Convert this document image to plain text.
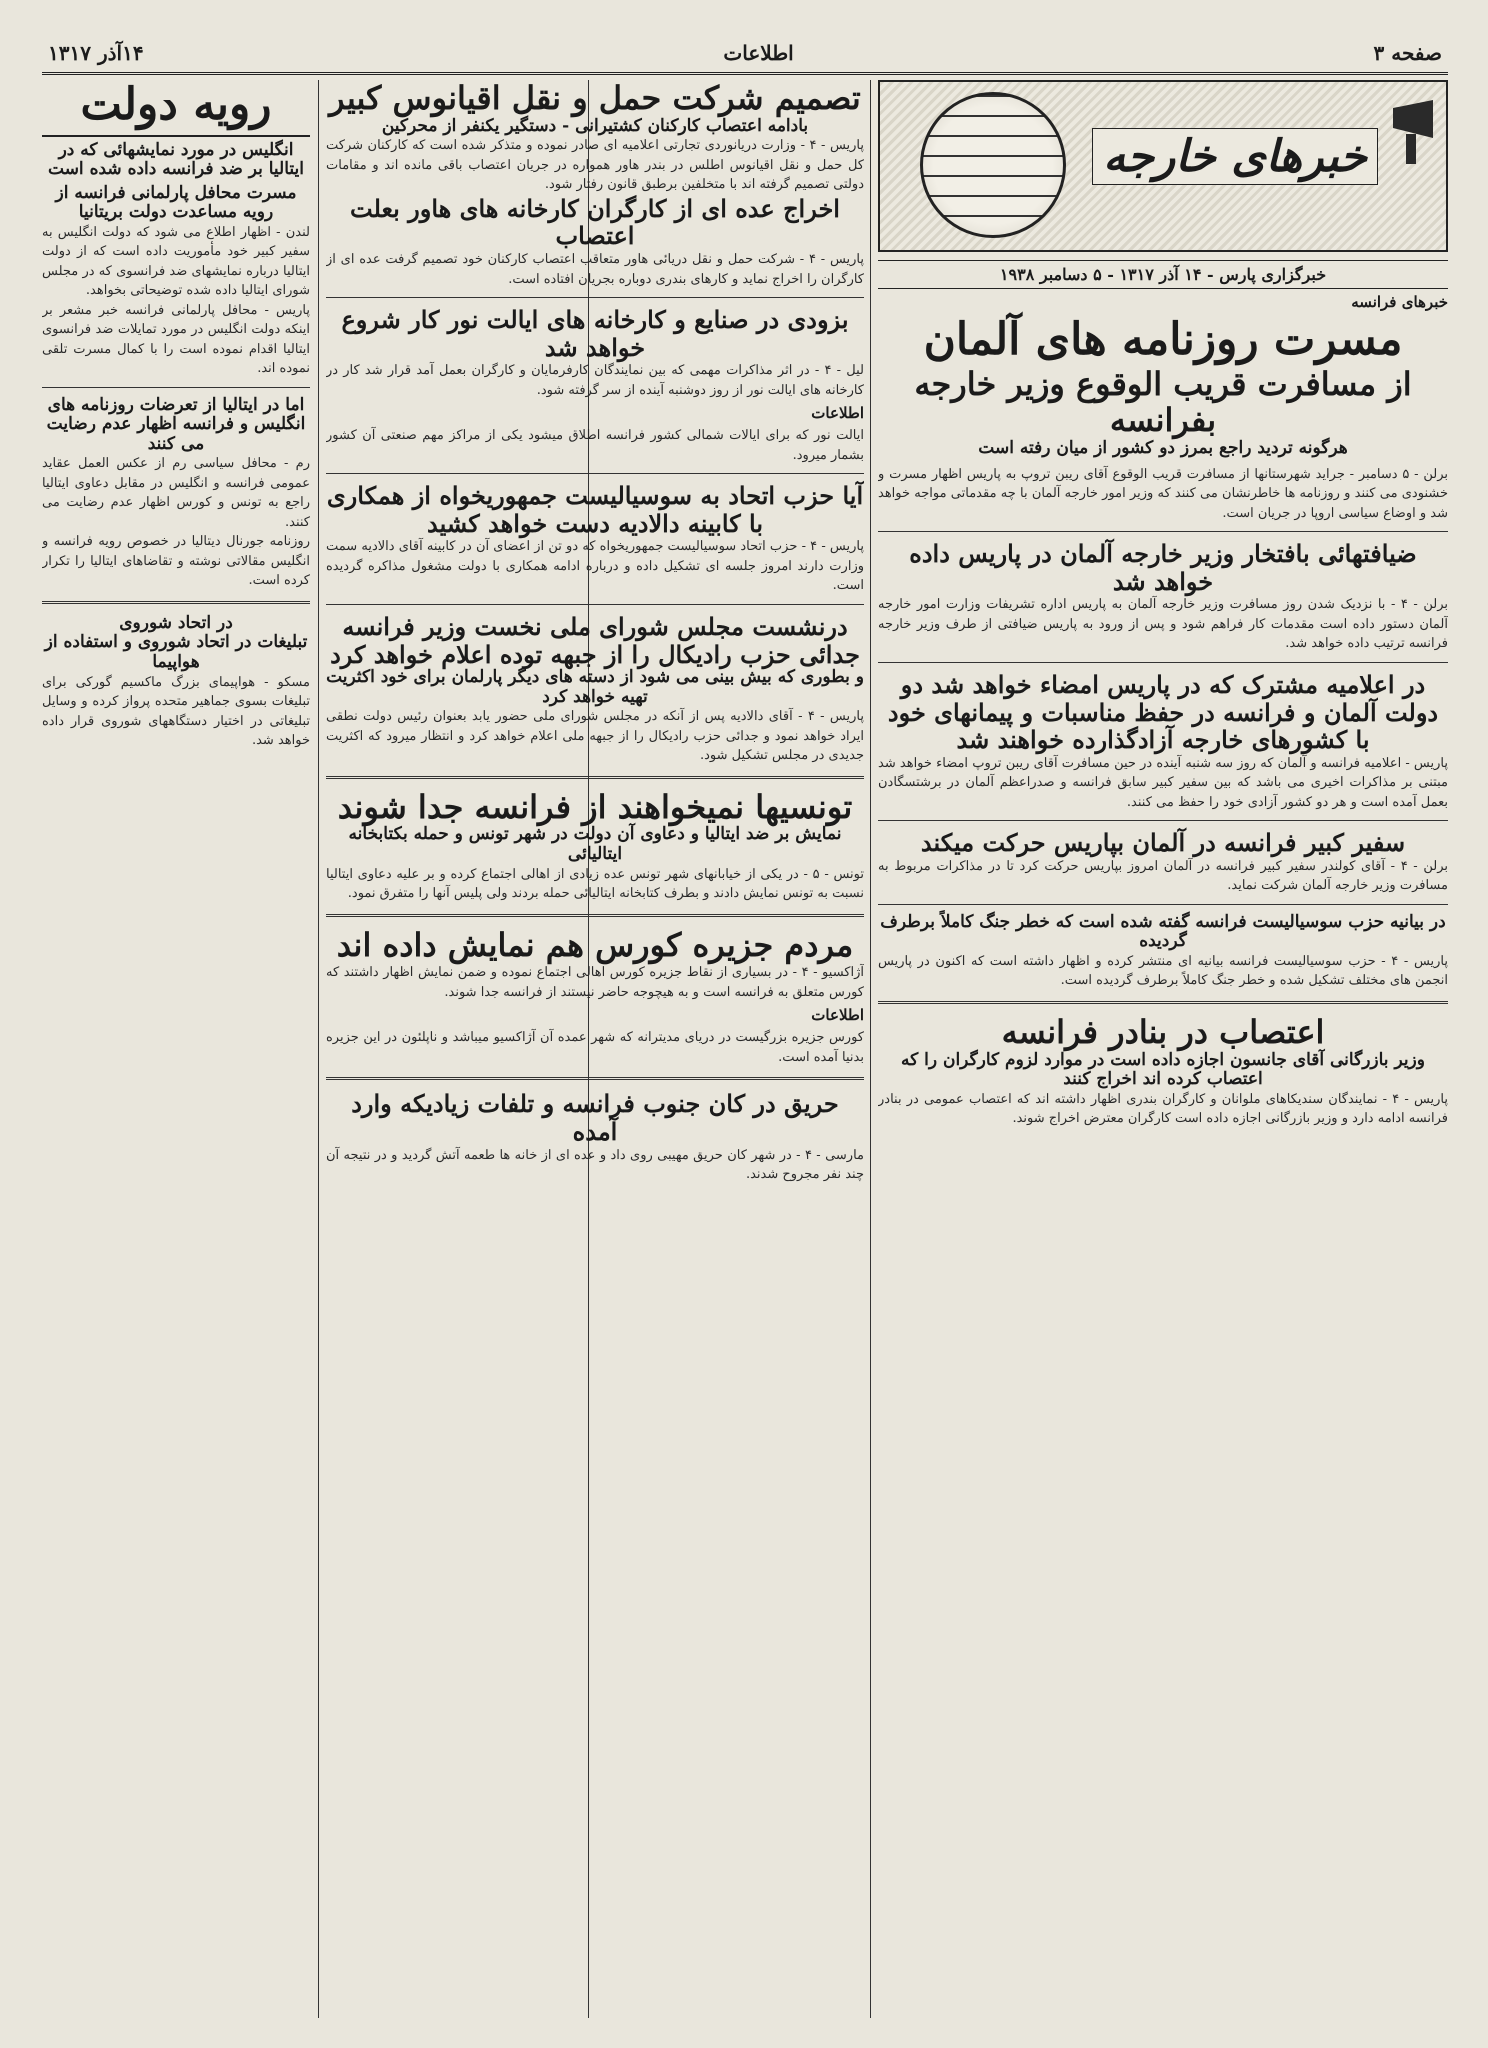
صفحه ۳
اطلاعات
۱۴آذر ۱۳۱۷
خبرهای خارجه
خبرگزاری پارس - ۱۴ آذر ۱۳۱۷ - ۵ دسامبر ۱۹۳۸
خبرهای فرانسه
مسرت روزنامه های آلمان
از مسافرت قریب الوقوع وزیر خارجه بفرانسه
هرگونه تردید راجع بمرز دو کشور از میان رفته است
برلن - ۵ دسامبر - جراید شهرستانها از مسافرت قریب الوقوع آقای ریبن تروپ به پاریس اظهار مسرت و خشنودی می کنند و روزنامه ها خاطرنشان می کنند که وزیر امور خارجه آلمان با چه مقدماتی مواجه خواهد شد و اوضاع سیاسی اروپا در جریان است.
ضیافتهائی بافتخار وزیر خارجه آلمان در پاریس داده خواهد شد
برلن - ۴ - با نزدیک شدن روز مسافرت وزیر خارجه آلمان به پاریس اداره تشریفات وزارت امور خارجه آلمان دستور داده است مقدمات کار فراهم شود و پس از ورود به پاریس ضیافتی از طرف وزیر خارجه فرانسه ترتیب داده خواهد شد.
در اعلامیه مشترک که در پاریس امضاء خواهد شد دو دولت آلمان و فرانسه در حفظ مناسبات و پیمانهای خود با کشورهای خارجه آزادگذارده خواهند شد
پاریس - اعلامیه فرانسه و آلمان که روز سه شنبه آینده در حین مسافرت آقای ریبن تروپ امضاء خواهد شد مبتنی بر مذاکرات اخیری می باشد که بین سفیر کبیر سابق فرانسه و صدراعظم آلمان در برشتسگادن بعمل آمده است و هر دو کشور آزادی خود را حفظ می کنند.
سفیر کبیر فرانسه در آلمان بپاریس حرکت میکند
برلن - ۴ - آقای کولندر سفیر کبیر فرانسه در آلمان امروز بپاریس حرکت کرد تا در مذاکرات مربوط به مسافرت وزیر خارجه آلمان شرکت نماید.
در بیانیه حزب سوسیالیست فرانسه گفته شده است که خطر جنگ کاملاً برطرف گردیده
پاریس - ۴ - حزب سوسیالیست فرانسه بیانیه ای منتشر کرده و اظهار داشته است که اکنون در پاریس انجمن های مختلف تشکیل شده و خطر جنگ کاملاً برطرف گردیده است.
اعتصاب در بنادر فرانسه
وزیر بازرگانی آقای جانسون اجازه داده است در موارد لزوم کارگران را که اعتصاب کرده اند اخراج کنند
پاریس - ۴ - نمایندگان سندیکاهای ملوانان و کارگران بندری اظهار داشته اند که اعتصاب عمومی در بنادر فرانسه ادامه دارد و وزیر بازرگانی اجازه داده است کارگران معترض اخراج شوند.
تصمیم شرکت حمل و نقل اقیانوس کبیر
بادامه اعتصاب کارکنان کشتیرانی - دستگیر یکنفر از محرکین
پاریس - ۴ - وزارت دریانوردی تجارتی اعلامیه ای صادر نموده و متذکر شده است که کارکنان شرکت کل حمل و نقل اقیانوس اطلس در بندر هاور همواره در جریان اعتصاب باقی مانده اند و مقامات دولتی تصمیم گرفته اند با متخلفین برطبق قانون رفتار شود.
اخراج عده ای از کارگران کارخانه های هاور بعلت اعتصاب
پاریس - ۴ - شرکت حمل و نقل دریائی هاور متعاقب اعتصاب کارکنان خود تصمیم گرفت عده ای از کارگران را اخراج نماید و کارهای بندری دوباره بجریان افتاده است.
بزودی در صنایع و کارخانه های ایالت نور کار شروع خواهد شد
لیل - ۴ - در اثر مذاکرات مهمی که بین نمایندگان کارفرمایان و کارگران بعمل آمد قرار شد کار در کارخانه های ایالت نور از روز دوشنبه آینده از سر گرفته شود.
اطلاعات
ایالت نور که برای ایالات شمالی کشور فرانسه اطلاق میشود یکی از مراکز مهم صنعتی آن کشور بشمار میرود.
آیا حزب اتحاد به سوسیالیست جمهوریخواه از همکاری با کابینه دالادیه دست خواهد کشید
پاریس - ۴ - حزب اتحاد سوسیالیست جمهوریخواه که دو تن از اعضای آن در کابینه آقای دالادیه سمت وزارت دارند امروز جلسه ای تشکیل داده و درباره ادامه همکاری با دولت مشغول مذاکره گردیده است.
درنشست مجلس شورای ملی نخست وزیر فرانسه جدائی حزب رادیکال را از جبهه توده اعلام خواهد کرد
و بطوری که بیش بینی می شود از دسته های دیگر پارلمان برای خود اکثریت تهیه خواهد کرد
پاریس - ۴ - آقای دالادیه پس از آنکه در مجلس شورای ملی حضور یابد بعنوان رئیس دولت نطقی ایراد خواهد نمود و جدائی حزب رادیکال را از جبهه ملی اعلام خواهد کرد و انتظار میرود که اکثریت جدیدی در مجلس تشکیل شود.
تونسیها نمیخواهند از فرانسه جدا شوند
نمایش بر ضد ایتالیا و دعاوی آن دولت در شهر تونس و حمله بکتابخانه ایتالیائی
تونس - ۵ - در یکی از خیابانهای شهر تونس عده زیادی از اهالی اجتماع کرده و بر علیه دعاوی ایتالیا نسبت به تونس نمایش دادند و بطرف کتابخانه ایتالیائی حمله بردند ولی پلیس آنها را متفرق نمود.
مردم جزیره کورس هم نمایش داده اند
آژاکسیو - ۴ - در بسیاری از نقاط جزیره کورس اهالی اجتماع نموده و ضمن نمایش اظهار داشتند که کورس متعلق به فرانسه است و به هیچوجه حاضر نیستند از فرانسه جدا شوند.
اطلاعات
کورس جزیره بزرگیست در دریای مدیترانه که شهر عمده آن آژاکسیو میباشد و ناپلئون در این جزیره بدنیا آمده است.
حریق در کان جنوب فرانسه و تلفات زیادیکه وارد آمده
مارسی - ۴ - در شهر کان حریق مهیبی روی داد و عده ای از خانه ها طعمه آتش گردید و در نتیجه آن چند نفر مجروح شدند.
رویه دولت
انگلیس در مورد نمایشهائی که در ایتالیا بر ضد فرانسه داده شده است
مسرت محافل پارلمانی فرانسه از رویه مساعدت دولت بریتانیا
لندن - اظهار اطلاع می شود که دولت انگلیس به سفیر کبیر خود مأموریت داده است که از دولت ایتالیا درباره نمایشهای ضد فرانسوی که در مجلس شورای ایتالیا داده شده توضیحاتی بخواهد.
پاریس - محافل پارلمانی فرانسه خبر مشعر بر اینکه دولت انگلیس در مورد تمایلات ضد فرانسوی ایتالیا اقدام نموده است را با کمال مسرت تلقی نموده اند.
اما در ایتالیا از تعرضات روزنامه های انگلیس و فرانسه اظهار عدم رضایت می کنند
رم - محافل سیاسی رم از عکس العمل عقاید عمومی فرانسه و انگلیس در مقابل دعاوی ایتالیا راجع به تونس و کورس اظهار عدم رضایت می کنند.
روزنامه جورنال دیتالیا در خصوص رویه فرانسه و انگلیس مقالاتی نوشته و تقاضاهای ایتالیا را تکرار کرده است.
در اتحاد شوروی
تبلیغات در اتحاد شوروی و استفاده از هواپیما
مسکو - هواپیمای بزرگ ماکسیم گورکی برای تبلیغات بسوی جماهیر متحده پرواز کرده و وسایل تبلیغاتی در اختیار دستگاههای شوروی قرار داده خواهد شد.
